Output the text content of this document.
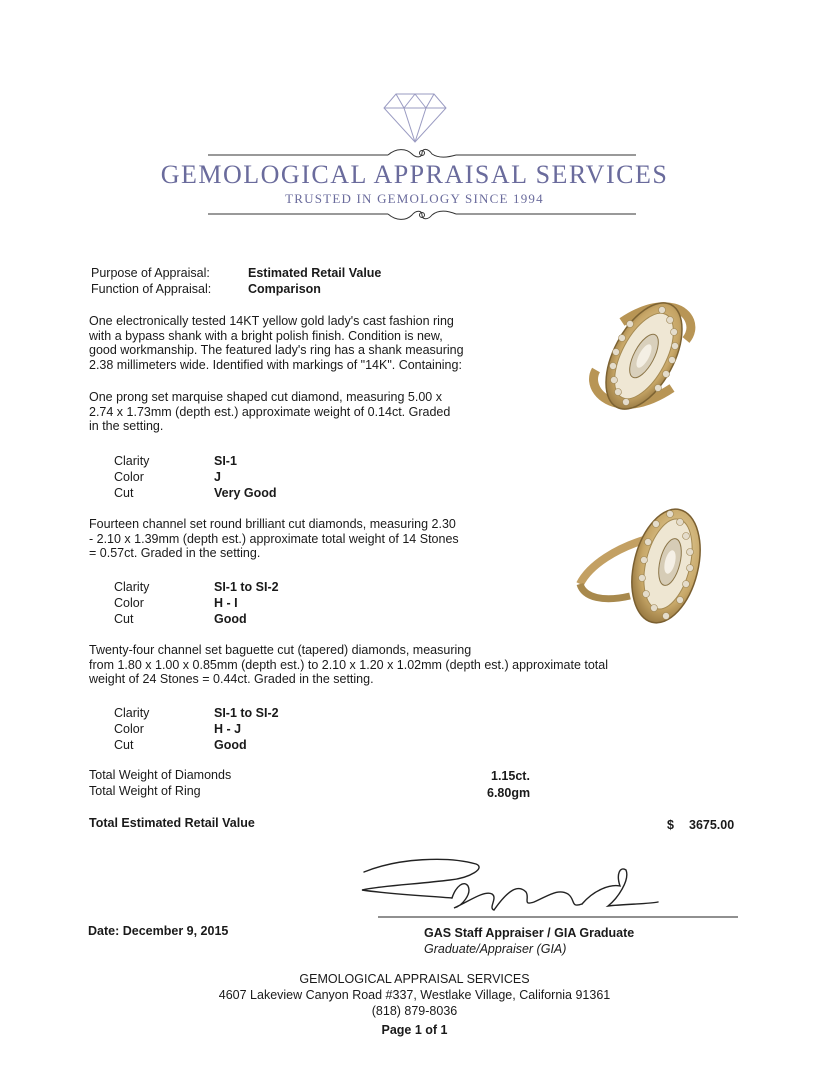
GEMOLOGICAL APPRAISAL SERVICES
TRUSTED IN GEMOLOGY SINCE 1994
Purpose of Appraisal:	Estimated Retail Value
Function of Appraisal:	Comparison
One electronically tested 14KT yellow gold lady's cast fashion ring
with a bypass shank with a bright polish finish. Condition is new,
good workmanship. The featured lady's ring has a shank measuring
2.38 millimeters wide. Identified with markings of "14K". Containing:
One prong set marquise shaped cut diamond, measuring 5.00 x
2.74 x 1.73mm (depth est.) approximate weight of 0.14ct. Graded
in the setting.
Clarity	SI-1
Color	J
Cut	Very Good
Fourteen channel set round brilliant cut diamonds, measuring 2.30
- 2.10 x 1.39mm (depth est.) approximate total weight of 14 Stones
= 0.57ct. Graded in the setting.
Clarity	SI-1 to SI-2
Color	H - I
Cut	Good
Twenty-four channel set baguette cut (tapered) diamonds, measuring
from 1.80 x 1.00 x 0.85mm (depth est.) to 2.10 x 1.20 x 1.02mm (depth est.) approximate total
weight of 24 Stones = 0.44ct. Graded in the setting.
Clarity	SI-1 to SI-2
Color	H - J
Cut	Good
Total Weight of Diamonds	1.15ct.
Total Weight of Ring	6.80gm
Total Estimated Retail Value	$ 3675.00
Date: December 9, 2015	GAS Staff Appraiser / GIA Graduate
Graduate/Appraiser (GIA)
GEMOLOGICAL APPRAISAL SERVICES
4607 Lakeview Canyon Road #337, Westlake Village, California 91361
(818) 879-8036
Page 1 of 1
